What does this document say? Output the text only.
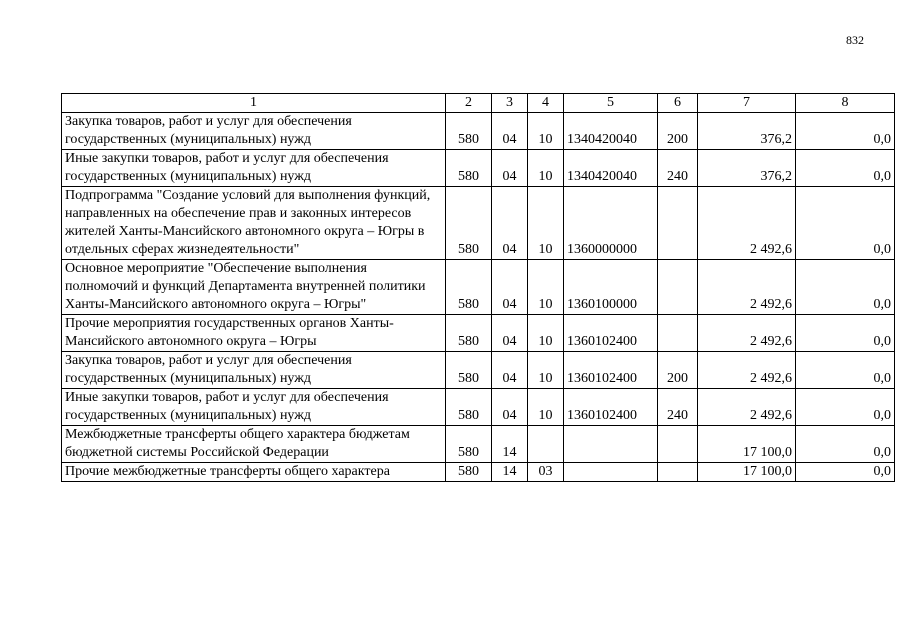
832
1	2	3	4	5	6	7	8
Закупка товаров, работ и услуг для обеспечения государственных (муниципальных) нужд	580	04	10	1340420040	200	376,2	0,0
Иные закупки товаров, работ и услуг для обеспечения государственных (муниципальных) нужд	580	04	10	1340420040	240	376,2	0,0
Подпрограмма "Создание условий для выполнения функций, направленных на обеспечение прав и законных интересов жителей Ханты-Мансийского автономного округа – Югры в отдельных сферах жизнедеятельности"	580	04	10	1360000000		2 492,6	0,0
Основное мероприятие "Обеспечение выполнения полномочий и функций Департамента внутренней политики Ханты-Мансийского автономного округа – Югры"	580	04	10	1360100000		2 492,6	0,0
Прочие мероприятия государственных органов Ханты-Мансийского автономного округа – Югры	580	04	10	1360102400		2 492,6	0,0
Закупка товаров, работ и услуг для обеспечения государственных (муниципальных) нужд	580	04	10	1360102400	200	2 492,6	0,0
Иные закупки товаров, работ и услуг для обеспечения государственных (муниципальных) нужд	580	04	10	1360102400	240	2 492,6	0,0
Межбюджетные трансферты общего характера бюджетам бюджетной системы Российской Федерации	580	14				17 100,0	0,0
Прочие межбюджетные трансферты общего характера	580	14	03			17 100,0	0,0
